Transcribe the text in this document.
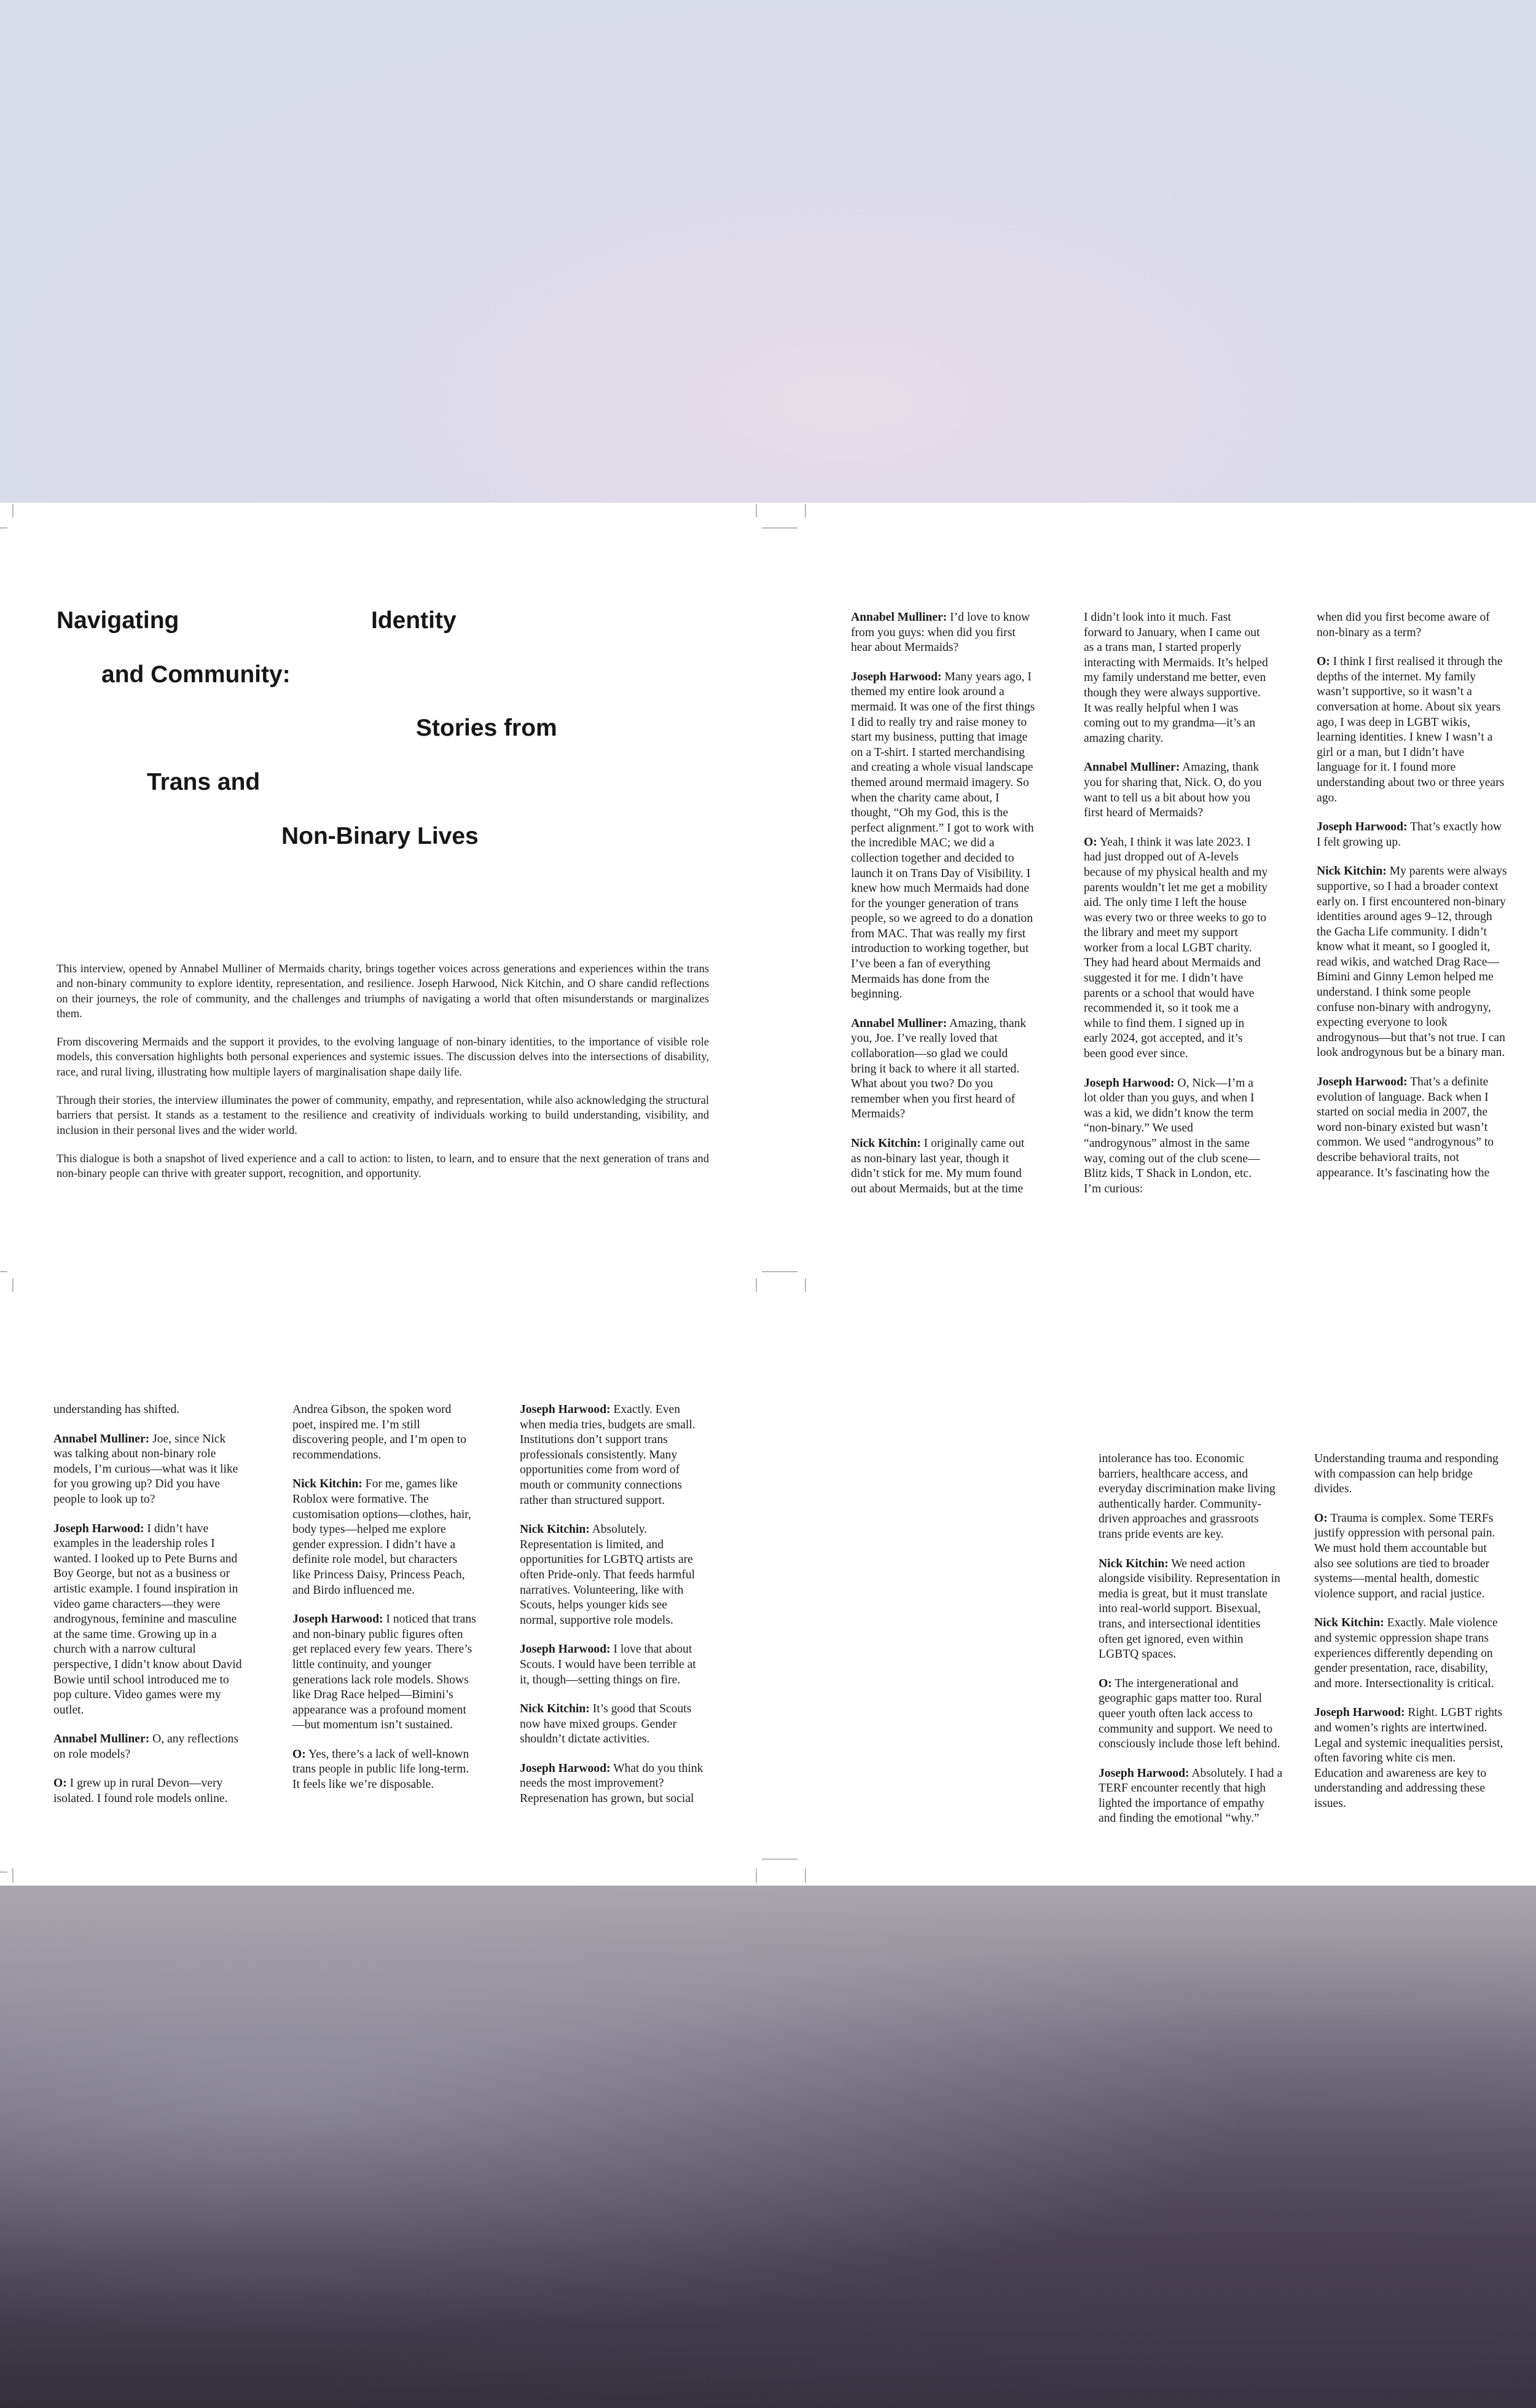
Navigating	Identity
and Community:
Stories from
Trans and
Non-Binary Lives

This interview, opened by Annabel Mulliner of Mermaids charity, brings together voices across generations and experiences within the trans and non-binary community to explore identity, representation, and resilience. Joseph Harwood, Nick Kitchin, and O share candid reflections on their journeys, the role of community, and the challenges and triumphs of navigating a world that often misunderstands or marginalizes them.

From discovering Mermaids and the support it provides, to the evolving language of non-binary identities, to the importance of visible role models, this conversation highlights both personal experiences and systemic issues. The discussion delves into the intersections of disability, race, and rural living, illustrating how multiple layers of marginalisation shape daily life.

Through their stories, the interview illuminates the power of community, empathy, and representation, while also acknowledging the structural barriers that persist. It stands as a testament to the resilience and creativity of individuals working to build understanding, visibility, and inclusion in their personal lives and the wider world.

This dialogue is both a snapshot of lived experience and a call to action: to listen, to learn, and to ensure that the next generation of trans and non-binary people can thrive with greater support, recognition, and opportunity.

Annabel Mulliner: I’d love to know from you guys: when did you first hear about Mermaids?

Joseph Harwood: Many years ago, I themed my entire look around a mermaid. It was one of the first things I did to really try and raise money to start my business, putting that image on a T-shirt. I started merchandising and creating a whole visual landscape themed around mermaid imagery. So when the charity came about, I thought, “Oh my God, this is the perfect alignment.” I got to work with the incredible MAC; we did a collection together and decided to launch it on Trans Day of Visibility. I knew how much Mermaids had done for the younger generation of trans people, so we agreed to do a donation from MAC. That was really my first introduction to working together, but I’ve been a fan of everything Mermaids has done from the beginning.

Annabel Mulliner: Amazing, thank you, Joe. I’ve really loved that collaboration—so glad we could bring it back to where it all started. What about you two? Do you remember when you first heard of Mermaids?

Nick Kitchin: I originally came out as non-binary last year, though it didn’t stick for me. My mum found out about Mermaids, but at the time

I didn’t look into it much. Fast forward to January, when I came out as a trans man, I started properly interacting with Mermaids. It’s helped my family understand me better, even though they were always supportive. It was really helpful when I was coming out to my grandma—it’s an amazing charity.

Annabel Mulliner: Amazing, thank you for sharing that, Nick. O, do you want to tell us a bit about how you first heard of Mermaids?

O: Yeah, I think it was late 2023. I had just dropped out of A-levels because of my physical health and my parents wouldn’t let me get a mobility aid. The only time I left the house was every two or three weeks to go to the library and meet my support worker from a local LGBT charity. They had heard about Mermaids and suggested it for me. I didn’t have parents or a school that would have recommended it, so it took me a while to find them. I signed up in early 2024, got accepted, and it’s been good ever since.

Joseph Harwood: O, Nick—I’m a lot older than you guys, and when I was a kid, we didn’t know the term “non-binary.” We used “androgynous” almost in the same way, coming out of the club scene—Blitz kids, T Shack in London, etc. I’m curious:

when did you first become aware of non-binary as a term?

O: I think I first realised it through the depths of the internet. My family wasn’t supportive, so it wasn’t a conversation at home. About six years ago, I was deep in LGBT wikis, learning identities. I knew I wasn’t a girl or a man, but I didn’t have language for it. I found more understanding about two or three years ago.

Joseph Harwood: That’s exactly how I felt growing up.

Nick Kitchin: My parents were always supportive, so I had a broader context early on. I first encountered non-binary identities around ages 9–12, through the Gacha Life community. I didn’t know what it meant, so I googled it, read wikis, and watched Drag Race—Bimini and Ginny Lemon helped me understand. I think some people confuse non-binary with androgyny, expecting everyone to look androgynous—but that’s not true. I can look androgynous but be a binary man.

Joseph Harwood: That’s a definite evolution of language. Back when I started on social media in 2007, the word non-binary existed but wasn’t common. We used “androgynous” to describe behavioral traits, not appearance. It’s fascinating how the

understanding has shifted.

Annabel Mulliner: Joe, since Nick was talking about non-binary role models, I’m curious—what was it like for you growing up? Did you have people to look up to?

Joseph Harwood: I didn’t have examples in the leadership roles I wanted. I looked up to Pete Burns and Boy George, but not as a business or artistic example. I found inspiration in video game characters—they were androgynous, feminine and masculine at the same time. Growing up in a church with a narrow cultural perspective, I didn’t know about David Bowie until school introduced me to pop culture. Video games were my outlet.

Annabel Mulliner: O, any reflections on role models?

O: I grew up in rural Devon—very isolated. I found role models online.

Andrea Gibson, the spoken word poet, inspired me. I’m still discovering people, and I’m open to recommendations.

Nick Kitchin: For me, games like Roblox were formative. The customisation options—clothes, hair, body types—helped me explore gender expression. I didn’t have a definite role model, but characters like Princess Daisy, Princess Peach, and Birdo influenced me.

Joseph Harwood: I noticed that trans and non-binary public figures often get replaced every few years. There’s little continuity, and younger generations lack role models. Shows like Drag Race helped—Bimini’s appearance was a profound moment—but momentum isn’t sustained.

O: Yes, there’s a lack of well-known trans people in public life long-term. It feels like we’re disposable.

Joseph Harwood: Exactly. Even when media tries, budgets are small. Institutions don’t support trans professionals consistently. Many opportunities come from word of mouth or community connections rather than structured support.

Nick Kitchin: Absolutely. Representation is limited, and opportunities for LGBTQ artists are often Pride-only. That feeds harmful narratives. Volunteering, like with Scouts, helps younger kids see normal, supportive role models.

Joseph Harwood: I love that about Scouts. I would have been terrible at it, though—setting things on fire.

Nick Kitchin: It’s good that Scouts now have mixed groups. Gender shouldn’t dictate activities.

Joseph Harwood: What do you think needs the most improvement? Represenation has grown, but social

intolerance has too. Economic barriers, healthcare access, and everyday discrimination make living authentically harder. Community-driven approaches and grassroots trans pride events are key.

Nick Kitchin: We need action alongside visibility. Representation in media is great, but it must translate into real-world support. Bisexual, trans, and intersectional identities often get ignored, even within LGBTQ spaces.

O: The intergenerational and geographic gaps matter too. Rural queer youth often lack access to community and support. We need to consciously include those left behind.

Joseph Harwood: Absolutely. I had a TERF encounter recently that high lighted the importance of empathy and finding the emotional “why.”

Understanding trauma and responding with compassion can help bridge divides.

O: Trauma is complex. Some TERFs justify oppression with personal pain. We must hold them accountable but also see solutions are tied to broader systems—mental health, domestic violence support, and racial justice.

Nick Kitchin: Exactly. Male violence and systemic oppression shape trans experiences differently depending on gender presentation, race, disability, and more. Intersectionality is critical.

Joseph Harwood: Right. LGBT rights and women’s rights are intertwined. Legal and systemic inequalities persist, often favoring white cis men. Education and awareness are key to understanding and addressing these issues.
